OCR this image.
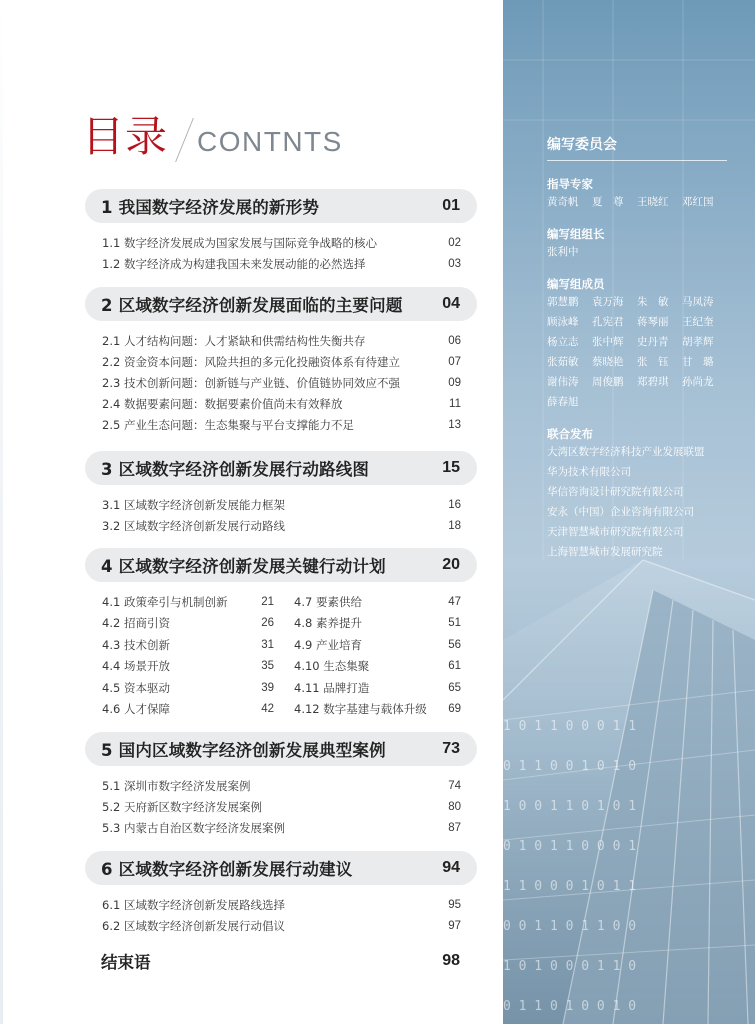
目录 CONTNTS
1 我国数字经济发展的新形势	01
1.1 数字经济发展成为国家发展与国际竞争战略的核心	02
1.2 数字经济成为构建我国未来发展动能的必然选择	03
2 区域数字经济创新发展面临的主要问题 04
2.1 人才结构问题：人才紧缺和供需结构性失衡共存	06
2.2 资金资本问题：风险共担的多元化投融资体系有待建立	07
2.3 技术创新问题：创新链与产业链、价值链协同效应不强	09
2.4 数据要素问题：数据要素价值尚未有效释放	11
2.5 产业生态问题：生态集聚与平台支撑能力不足	13
3 区域数字经济创新发展行动路线图	15
3.1 区域数字经济创新发展能力框架	16
3.2 区域数字经济创新发展行动路线	18
4 区域数字经济创新发展关键行动计划	20
4.1 政策牵引与机制创新	21
4.2 招商引资	26
4.3 技术创新	31
4.4 场景开放	35
4.5 资本驱动	39
4.6 人才保障	42
4.7 要素供给	47
4.8 素养提升	51
4.9 产业培育	56
4.10 生态集聚	61
4.11 品牌打造	65
4.12 数字基建与载体升级	69
5 国内区域数字经济创新发展典型案例	73
5.1 深圳市数字经济发展案例	74
5.2 天府新区数字经济发展案例	80
5.3 内蒙古自治区数字经济发展案例	87
6 区域数字经济创新发展行动建议	94
6.1 区域数字经济创新发展路线选择	95
6.2 区域数字经济创新发展行动倡议	97
结束语	98
编写委员会
指导专家
黄奇帆	夏　尊	王晓红	邓红国
编写组组长
张利中
编写组成员
郭慧鹏	袁万海	朱　敏	马凤涛
顾泳峰	孔宪君	蒋琴丽	王纪奎
杨立志	张中辉	史丹青	胡孝辉
张茹敏	蔡晓艳	张　钰	甘　璐
谢伟涛	周俊鹏	郑碧琪	孙尚龙
薛春旭
联合发布
大湾区数字经济科技产业发展联盟
华为技术有限公司
华信咨询设计研究院有限公司
安永（中国）企业咨询有限公司
天津智慧城市研究院有限公司
上海智慧城市发展研究院
